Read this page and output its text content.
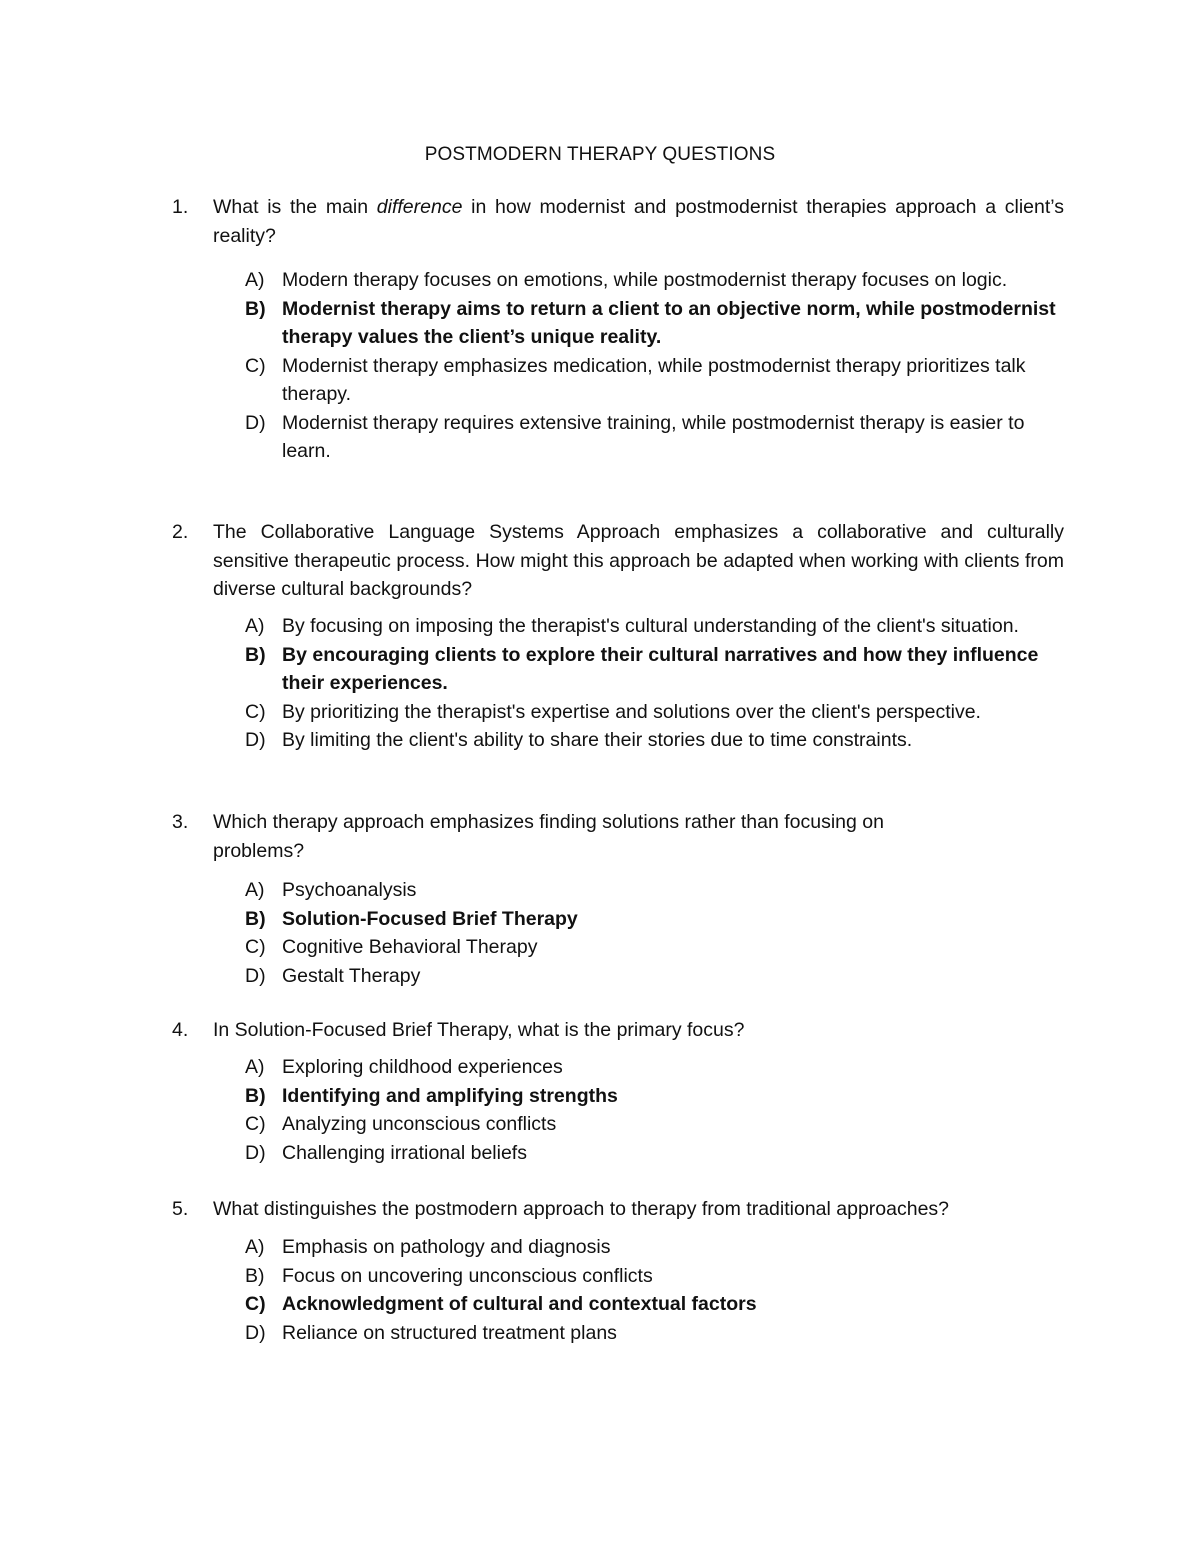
POSTMODERN THERAPY QUESTIONS

1.	What is the main difference in how modernist and postmodernist therapies approach a client’s reality?

A) Modern therapy focuses on emotions, while postmodernist therapy focuses on logic.
B) Modernist therapy aims to return a client to an objective norm, while postmodernist therapy values the client’s unique reality.
C) Modernist therapy emphasizes medication, while postmodernist therapy prioritizes talk therapy.
D) Modernist therapy requires extensive training, while postmodernist therapy is easier to learn.

2.	The Collaborative Language Systems Approach emphasizes a collaborative and culturally sensitive therapeutic process. How might this approach be adapted when working with clients from diverse cultural backgrounds?

A) By focusing on imposing the therapist's cultural understanding of the client's situation.
B) By encouraging clients to explore their cultural narratives and how they influence their experiences.
C) By prioritizing the therapist's expertise and solutions over the client's perspective.
D) By limiting the client's ability to share their stories due to time constraints.

3.	Which therapy approach emphasizes finding solutions rather than focusing on problems?

A) Psychoanalysis
B) Solution-Focused Brief Therapy
C) Cognitive Behavioral Therapy
D) Gestalt Therapy

4.	In Solution-Focused Brief Therapy, what is the primary focus?

A) Exploring childhood experiences
B) Identifying and amplifying strengths
C) Analyzing unconscious conflicts
D) Challenging irrational beliefs

5.	What distinguishes the postmodern approach to therapy from traditional approaches?

A) Emphasis on pathology and diagnosis
B) Focus on uncovering unconscious conflicts
C) Acknowledgment of cultural and contextual factors
D) Reliance on structured treatment plans
